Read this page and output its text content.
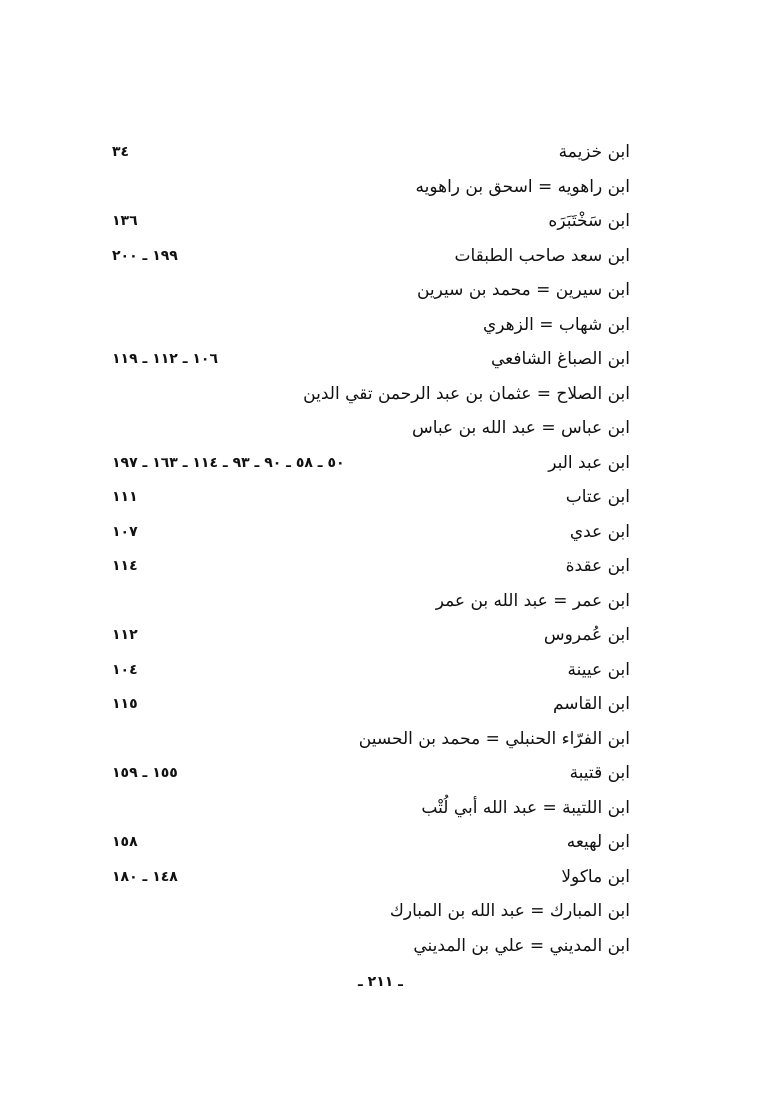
ابن خزيمة
٣٤
ابن راهويه = اسحق بن راهويه
ابن سَخْتَبَرَه
١٣٦
ابن سعد صاحب الطبقات
١٩٩ ـ ٢٠٠
ابن سيرين = محمد بن سيرين
ابن شهاب = الزهري
ابن الصباغ الشافعي
١٠٦ ـ ١١٢ ـ ١١٩
ابن الصلاح = عثمان بن عبد الرحمن تقي الدين
ابن عباس = عبد الله بن عباس
ابن عبد البر
٥٠ ـ ٥٨ ـ ٩٠ ـ ٩٣ ـ ١١٤ ـ ١٦٣ ـ ١٩٧
ابن عتاب
١١١
ابن عدي
١٠٧
ابن عقدة
١١٤
ابن عمر = عبد الله بن عمر
ابن عُمروس
١١٢
ابن عيينة
١٠٤
ابن القاسم
١١٥
ابن الفرّاء الحنبلي = محمد بن الحسين
ابن قتيبة
١٥٥ ـ ١٥٩
ابن اللتيبة = عبد الله أبي لُتْب
ابن لهيعه
١٥٨
ابن ماكولا
١٤٨ ـ ١٨٠
ابن المبارك = عبد الله بن المبارك
ابن المديني = علي بن المديني
ـ ٢١١ ـ
